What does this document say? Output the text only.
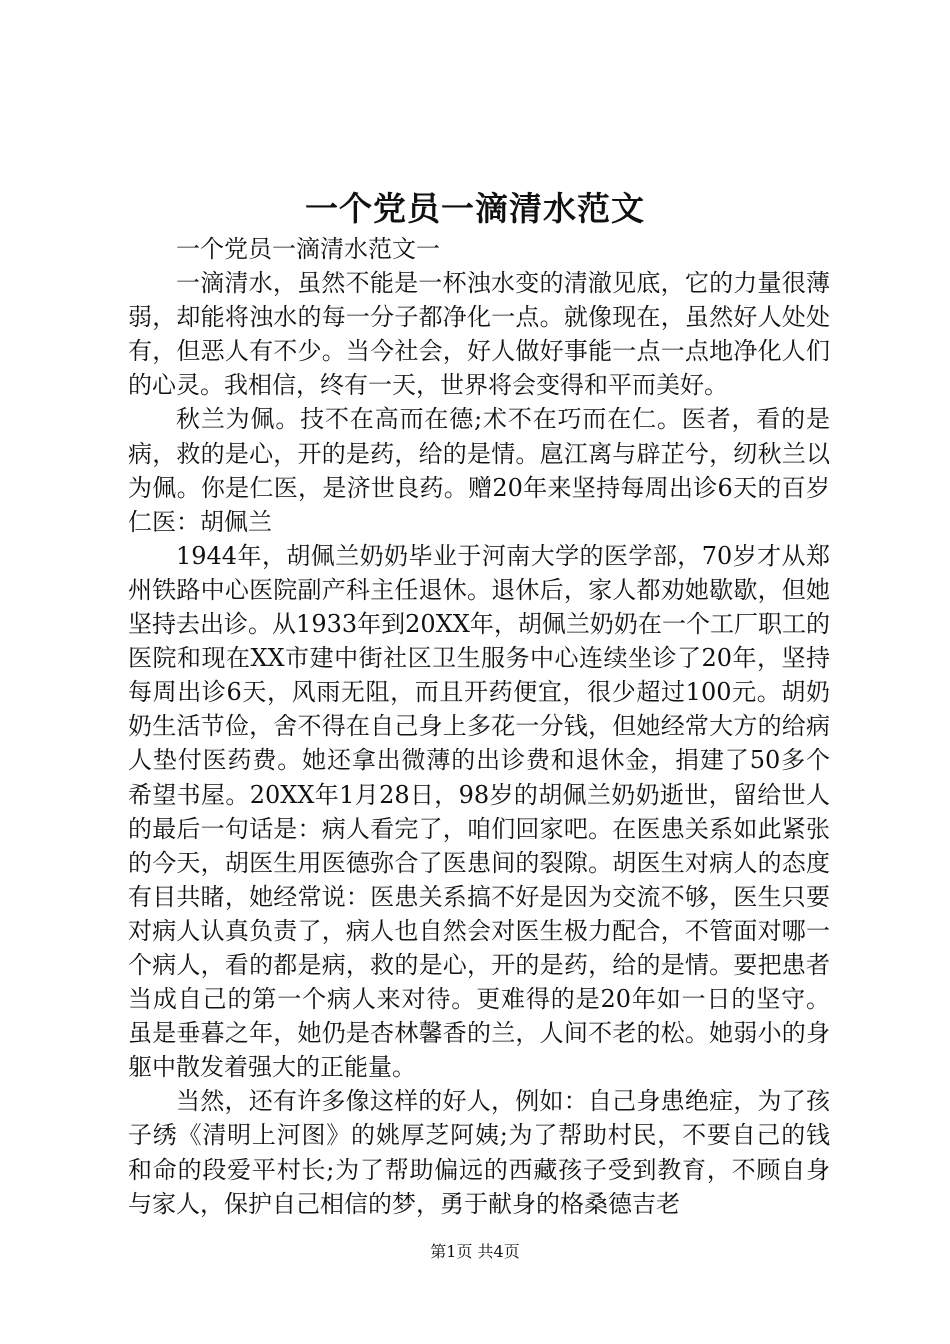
一个党员一滴清水范文

一个党员一滴清水范文一

一滴清水，虽然不能是一杯浊水变的清澈见底，它的力量很薄弱，却能将浊水的每一分子都净化一点。就像现在，虽然好人处处有，但恶人有不少。当今社会，好人做好事能一点一点地净化人们的心灵。我相信，终有一天，世界将会变得和平而美好。

秋兰为佩。技不在高而在德;术不在巧而在仁。医者，看的是病，救的是心，开的是药，给的是情。扈江离与辟芷兮，纫秋兰以为佩。你是仁医，是济世良药。赠20年来坚持每周出诊6天的百岁仁医：胡佩兰

1944年，胡佩兰奶奶毕业于河南大学的医学部，70岁才从郑州铁路中心医院副产科主任退休。退休后，家人都劝她歇歇，但她坚持去出诊。从1933年到20XX年，胡佩兰奶奶在一个工厂职工的医院和现在XX市建中街社区卫生服务中心连续坐诊了20年，坚持每周出诊6天，风雨无阻，而且开药便宜，很少超过100元。胡奶奶生活节俭，舍不得在自己身上多花一分钱，但她经常大方的给病人垫付医药费。她还拿出微薄的出诊费和退休金，捐建了50多个希望书屋。20XX年1月28日，98岁的胡佩兰奶奶逝世，留给世人的最后一句话是：病人看完了，咱们回家吧。在医患关系如此紧张的今天，胡医生用医德弥合了医患间的裂隙。胡医生对病人的态度有目共睹，她经常说：医患关系搞不好是因为交流不够，医生只要对病人认真负责了，病人也自然会对医生极力配合，不管面对哪一个病人，看的都是病，救的是心，开的是药，给的是情。要把患者当成自己的第一个病人来对待。更难得的是20年如一日的坚守。虽是垂暮之年，她仍是杏林馨香的兰，人间不老的松。她弱小的身躯中散发着强大的正能量。

当然，还有许多像这样的好人，例如：自己身患绝症，为了孩子绣《清明上河图》的姚厚芝阿姨;为了帮助村民，不要自己的钱和命的段爱平村长;为了帮助偏远的西藏孩子受到教育，不顾自身与家人，保护自己相信的梦，勇于献身的格桑德吉老

第1页 共4页
